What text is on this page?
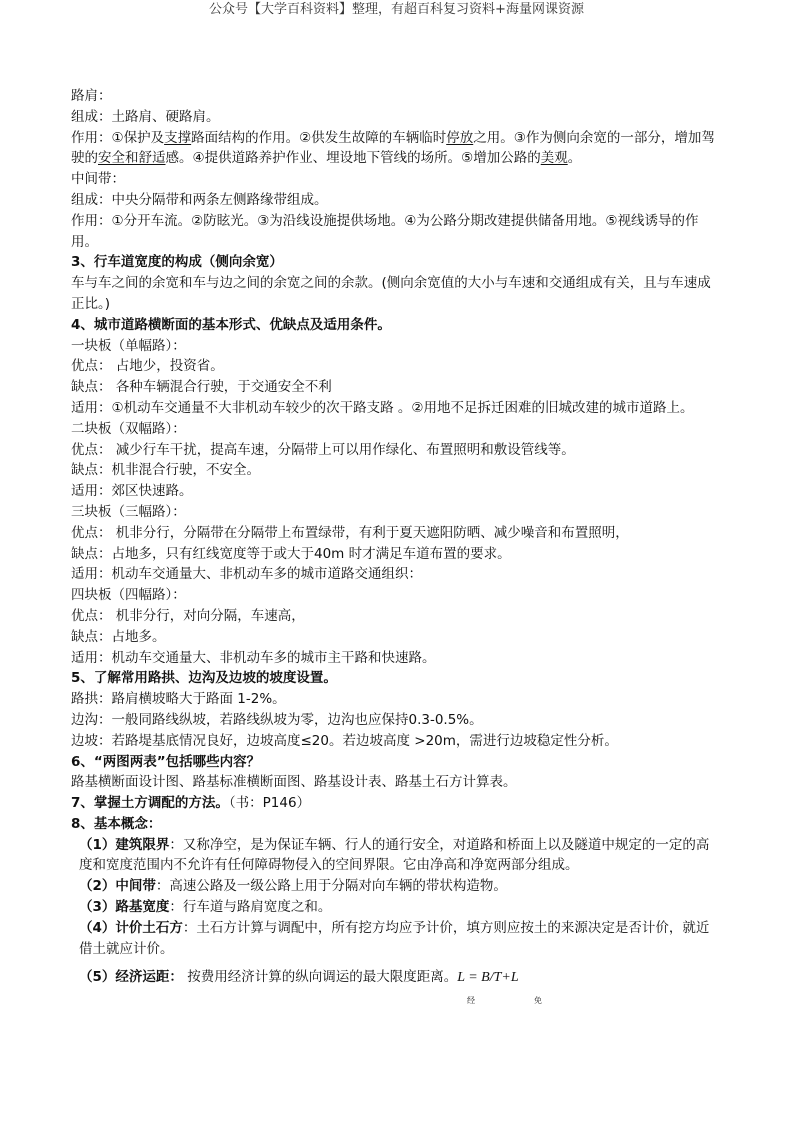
公众号【大学百科资料】整理，有超百科复习资料+海量网课资源

路肩：

组成：土路肩、硬路肩。

作用：①保护及支撑路面结构的作用。②供发生故障的车辆临时停放之用。③作为侧向余宽的一部分，增加驾驶的安全和舒适感。④提供道路养护作业、埋设地下管线的场所。⑤增加公路的美观。

中间带：

组成：中央分隔带和两条左侧路缘带组成。

作用：①分开车流。②防眩光。③为沿线设施提供场地。④为公路分期改建提供储备用地。⑤视线诱导的作用。

3、行车道宽度的构成（侧向余宽）

车与车之间的余宽和车与边之间的余宽之间的余款。(侧向余宽值的大小与车速和交通组成有关，且与车速成正比。)

4、城市道路横断面的基本形式、优缺点及适用条件。

一块板（单幅路）：

优点： 占地少，投资省。

缺点： 各种车辆混合行驶，于交通安全不利

适用：①机动车交通量不大非机动车较少的次干路支路 。②用地不足拆迁困难的旧城改建的城市道路上。

二块板（双幅路）：

优点： 减少行车干扰，提高车速，分隔带上可以用作绿化、布置照明和敷设管线等。

缺点：机非混合行驶，不安全。

适用：郊区快速路。

三块板（三幅路）：

优点： 机非分行，分隔带在分隔带上布置绿带，有利于夏天遮阳防晒、减少噪音和布置照明，

缺点：占地多，只有红线宽度等于或大于40m 时才满足车道布置的要求。

适用：机动车交通量大、非机动车多的城市道路交通组织：

四块板（四幅路）：

优点： 机非分行，对向分隔，车速高，

缺点：占地多。

适用：机动车交通量大、非机动车多的城市主干路和快速路。

5、了解常用路拱、边沟及边坡的坡度设置。

路拱：路肩横坡略大于路面 1-2%。

边沟：一般同路线纵坡，若路线纵坡为零，边沟也应保持0.3-0.5%。

边坡：若路堤基底情况良好，边坡高度≤20。若边坡高度 >20m，需进行边坡稳定性分析。

6、“两图两表”包括哪些内容？

路基横断面设计图、路基标准横断面图、路基设计表、路基土石方计算表。

7、掌握土方调配的方法。（书：P146）

8、基本概念：

（1）建筑限界：又称净空，是为保证车辆、行人的通行安全，对道路和桥面上以及隧道中规定的一定的高度和宽度范围内不允许有任何障碍物侵入的空间界限。它由净高和净宽两部分组成。

（2）中间带：高速公路及一级公路上用于分隔对向车辆的带状构造物。

（3）路基宽度：行车道与路肩宽度之和。

（4）计价土石方：土石方计算与调配中，所有挖方均应予计价，填方则应按土的来源决定是否计价，就近借土就应计价。

（5）经济运距： 按费用经济计算的纵向调运的最大限度距离。L = B/T+L

经	免
